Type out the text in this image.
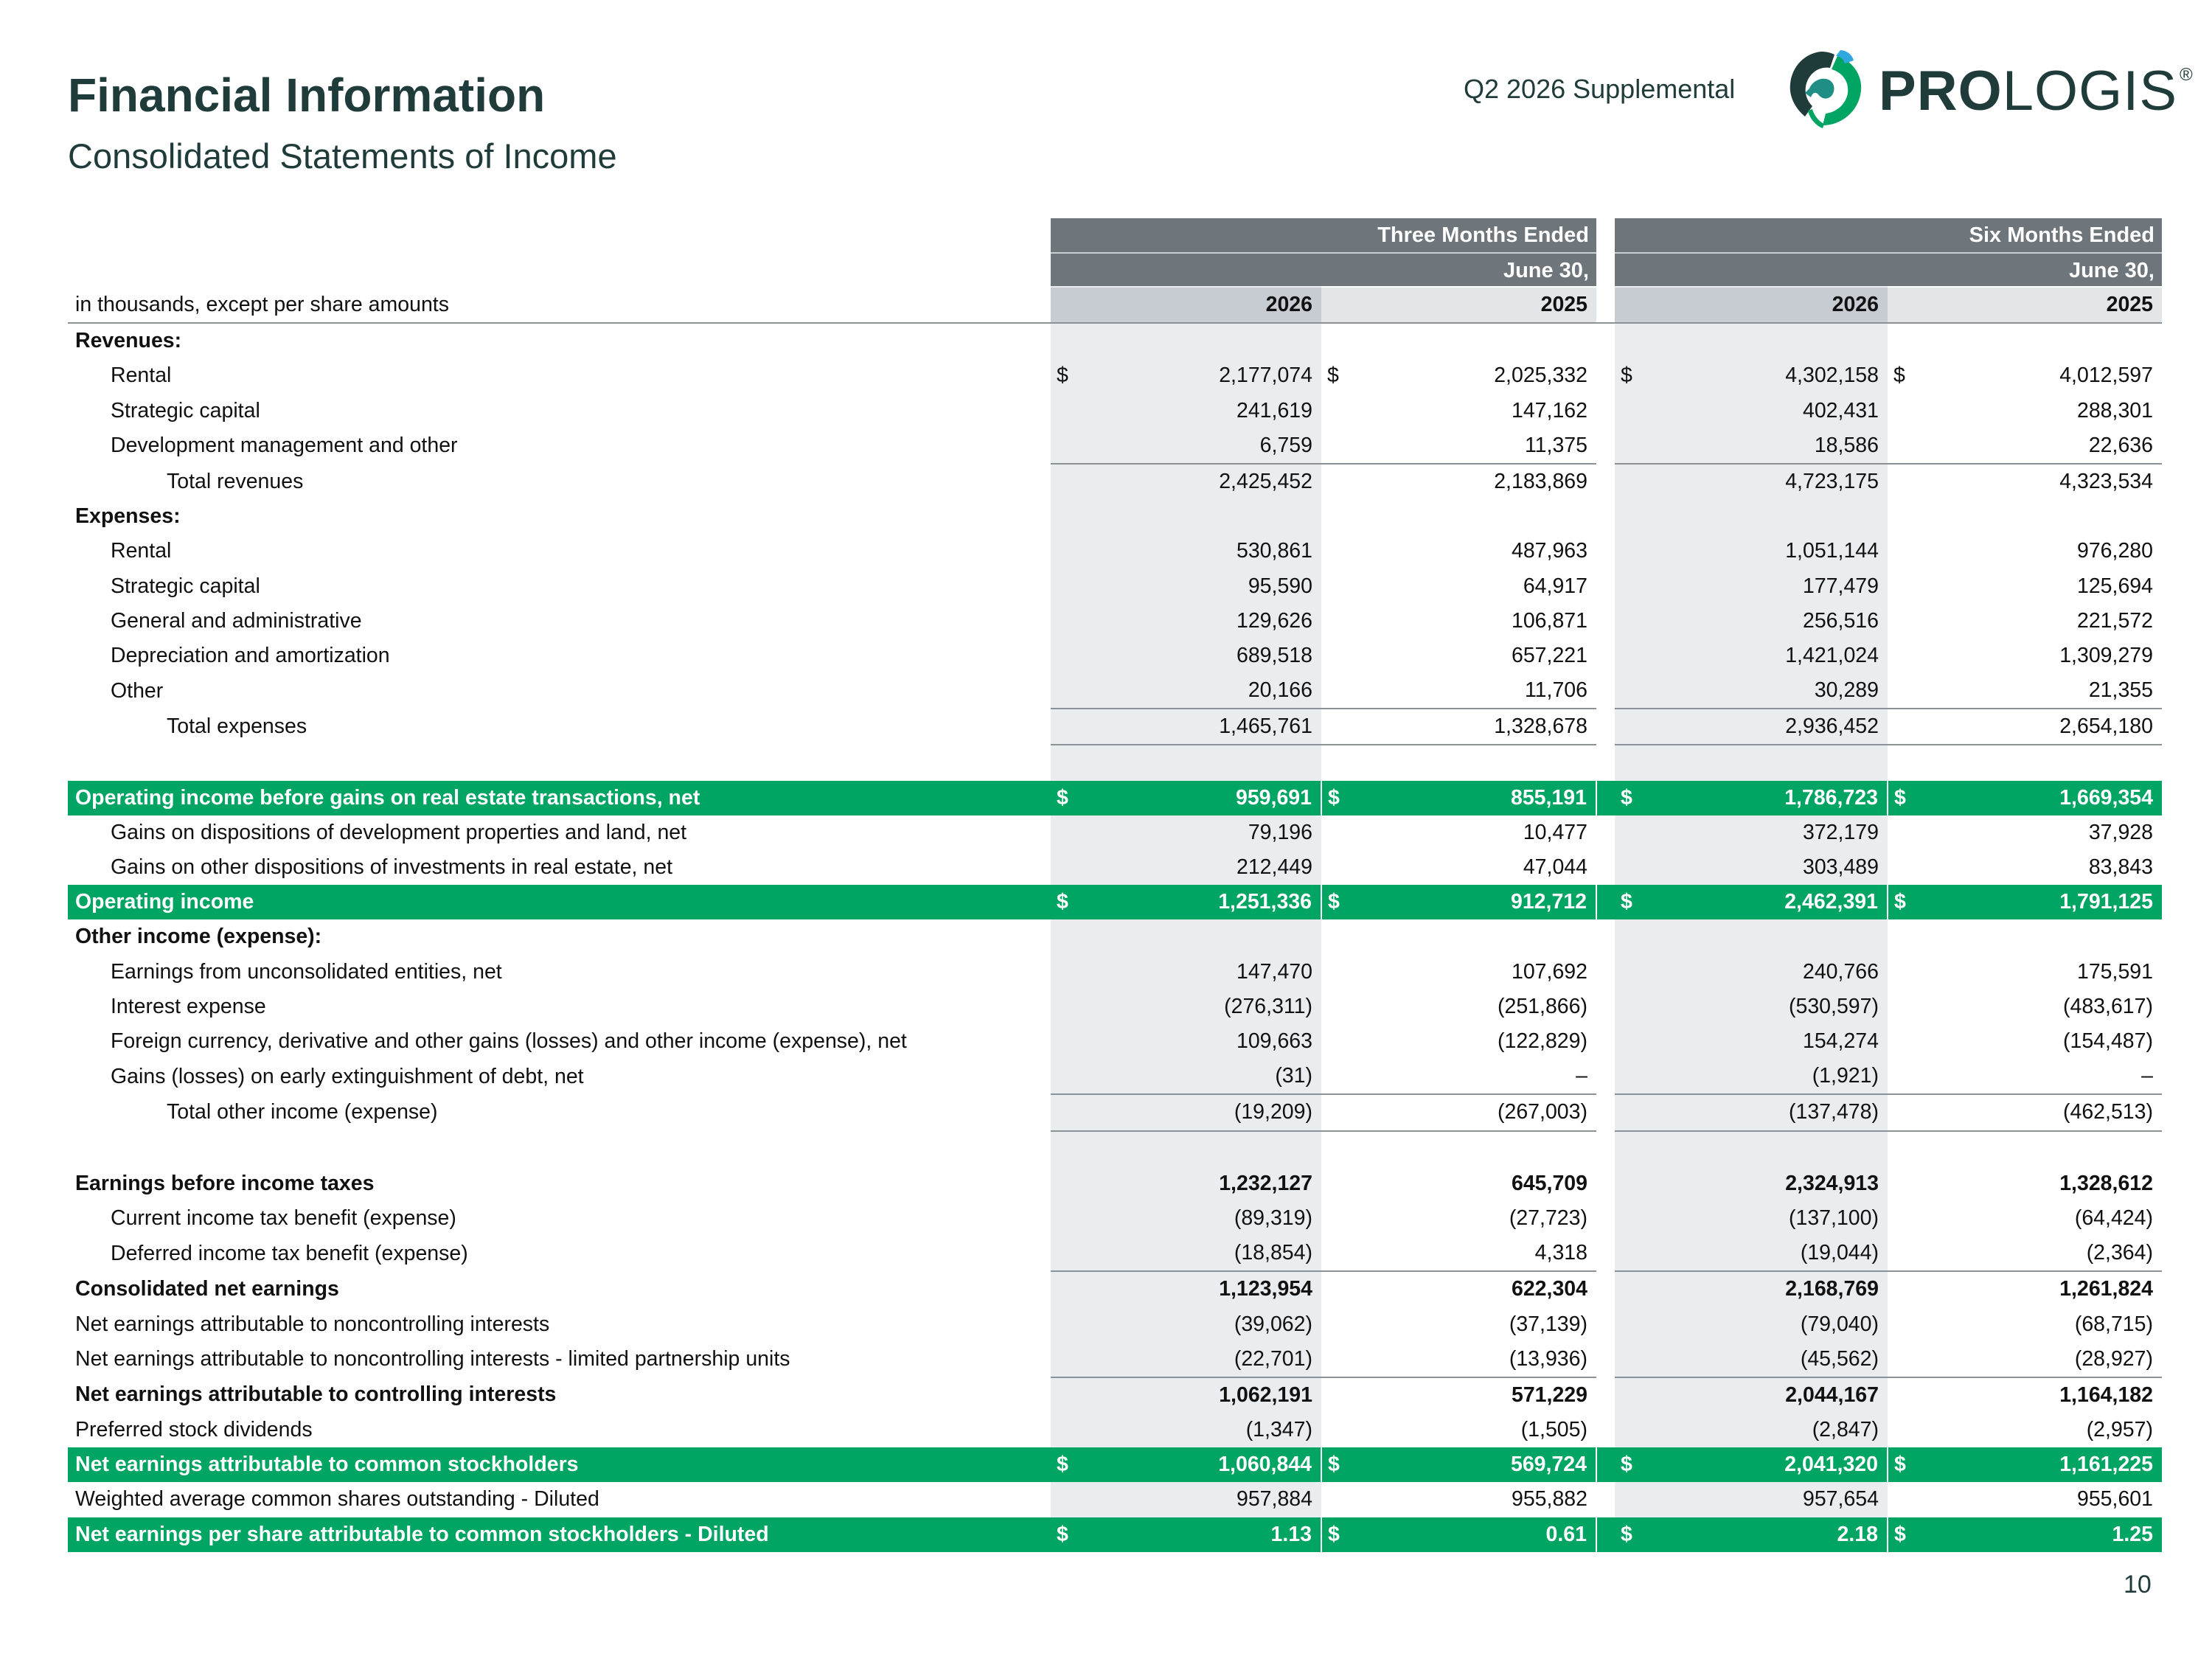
Financial Information
Consolidated Statements of Income
Q2 2026 Supplemental	PROLOGIS ®
Three Months Ended
June 30,
Six Months Ended
June 30,
in thousands, except per share amounts		2026		2025			2026		2025
Revenues:									
Rental	$	2,177,074	$	2,025,332		$	4,302,158	$	4,012,597
Strategic capital		241,619		147,162			402,431		288,301
Development management and other		6,759		11,375			18,586		22,636
Total revenues		2,425,452		2,183,869			4,723,175		4,323,534
Expenses:									
Rental		530,861		487,963			1,051,144		976,280
Strategic capital		95,590		64,917			177,479		125,694
General and administrative		129,626		106,871			256,516		221,572
Depreciation and amortization		689,518		657,221			1,421,024		1,309,279
Other		20,166		11,706			30,289		21,355
Total expenses		1,465,761		1,328,678			2,936,452		2,654,180

Operating income before gains on real estate transactions, net	$	959,691	$	855,191		$	1,786,723	$	1,669,354
Gains on dispositions of development properties and land, net		79,196		10,477			372,179		37,928
Gains on other dispositions of investments in real estate, net		212,449		47,044			303,489		83,843
Operating income	$	1,251,336	$	912,712		$	2,462,391	$	1,791,125
Other income (expense):									
Earnings from unconsolidated entities, net		147,470		107,692			240,766		175,591
Interest expense		(276,311)		(251,866)			(530,597)		(483,617)
Foreign currency, derivative and other gains (losses) and other income (expense), net		109,663		(122,829)			154,274		(154,487)
Gains (losses) on early extinguishment of debt, net		(31)		–			(1,921)		–
Total other income (expense)		(19,209)		(267,003)			(137,478)		(462,513)

Earnings before income taxes		1,232,127		645,709			2,324,913		1,328,612
Current income tax benefit (expense)		(89,319)		(27,723)			(137,100)		(64,424)
Deferred income tax benefit (expense)		(18,854)		4,318			(19,044)		(2,364)
Consolidated net earnings		1,123,954		622,304			2,168,769		1,261,824
Net earnings attributable to noncontrolling interests		(39,062)		(37,139)			(79,040)		(68,715)
Net earnings attributable to noncontrolling interests - limited partnership units		(22,701)		(13,936)			(45,562)		(28,927)
Net earnings attributable to controlling interests		1,062,191		571,229			2,044,167		1,164,182
Preferred stock dividends		(1,347)		(1,505)			(2,847)		(2,957)
Net earnings attributable to common stockholders	$	1,060,844	$	569,724		$	2,041,320	$	1,161,225
Weighted average common shares outstanding - Diluted		957,884		955,882			957,654		955,601
Net earnings per share attributable to common stockholders - Diluted	$	1.13	$	0.61		$	2.18	$	1.25
10
